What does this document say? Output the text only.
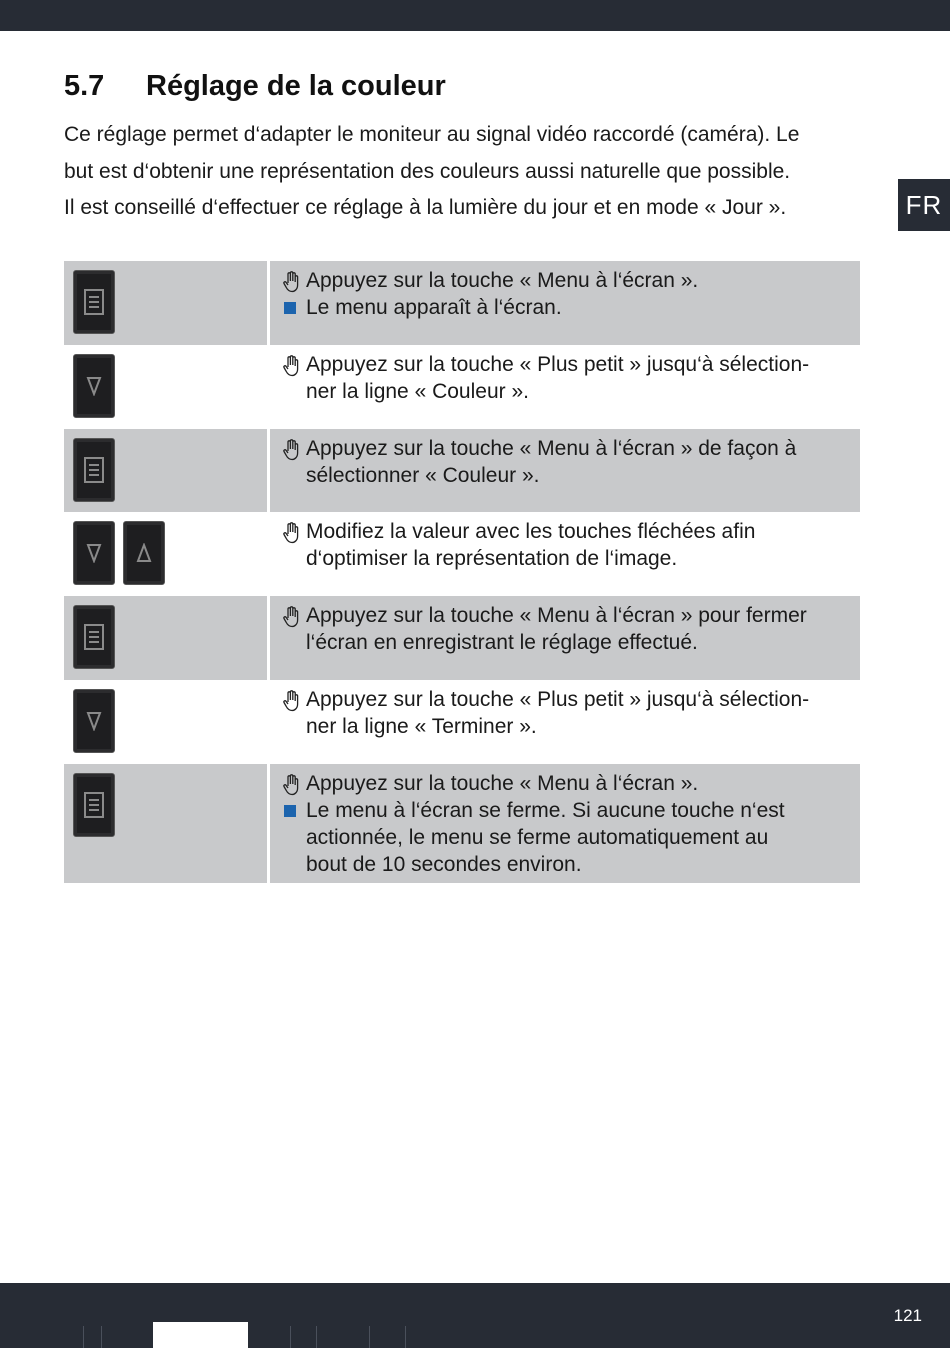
5.7	Réglage de la couleur

Ce réglage permet d‘adapter le moniteur au signal vidéo raccordé (caméra). Le

but est d‘obtenir une représentation des couleurs aussi naturelle que possible.

Il est conseillé d‘effectuer ce réglage à la lumière du jour et en mode « Jour ».	FR
Appuyez sur la touche « Menu à l‘écran ».
Le menu apparaît à l‘écran.
Appuyez sur la touche « Plus petit » jusqu‘à sélection-
ner la ligne « Couleur ».
Appuyez sur la touche « Menu à l‘écran » de façon à
sélectionner « Couleur ».
Modifiez la valeur avec les touches fléchées afin
d‘optimiser la représentation de l‘image.
Appuyez sur la touche « Menu à l‘écran » pour fermer
l‘écran en enregistrant le réglage effectué.
Appuyez sur la touche « Plus petit » jusqu‘à sélection-
ner la ligne « Terminer ».
Appuyez sur la touche « Menu à l‘écran ».
Le menu à l‘écran se ferme. Si aucune touche n‘est
actionnée, le menu se ferme automatiquement au
bout de 10 secondes environ.
121
